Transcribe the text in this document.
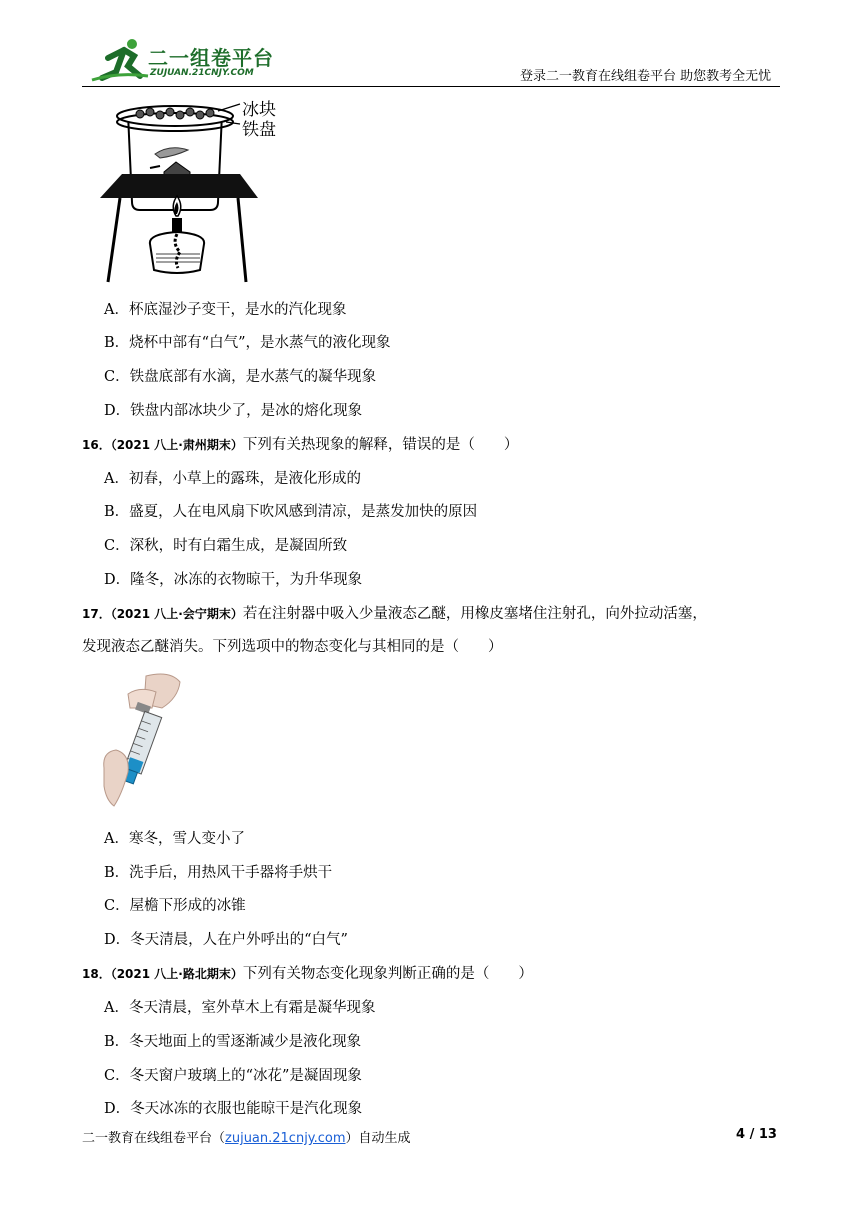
二一组卷平台
ZUJUAN.21CNJY.COM	登录二一教育在线组卷平台 助您教考全无忧
冰块
铁盘
A．杯底湿沙子变干，是水的汽化现象
B．烧杯中部有“白气”，是水蒸气的液化现象
C．铁盘底部有水滴，是水蒸气的凝华现象
D．铁盘内部冰块少了，是冰的熔化现象
16．（2021 八上·肃州期末）下列有关热现象的解释，错误的是（　　）
A．初春，小草上的露珠，是液化形成的
B．盛夏，人在电风扇下吹风感到清凉，是蒸发加快的原因
C．深秋，时有白霜生成，是凝固所致
D．隆冬，冰冻的衣物晾干，为升华现象
17．（2021 八上·会宁期末）若在注射器中吸入少量液态乙醚，用橡皮塞堵住注射孔，向外拉动活塞，
发现液态乙醚消失。下列选项中的物态变化与其相同的是（　　）
A．寒冬，雪人变小了
B．洗手后，用热风干手器将手烘干
C．屋檐下形成的冰锥
D．冬天清晨，人在户外呼出的“白气”
18．（2021 八上·路北期末）下列有关物态变化现象判断正确的是（　　）
A．冬天清晨，室外草木上有霜是凝华现象
B．冬天地面上的雪逐渐减少是液化现象
C．冬天窗户玻璃上的“冰花”是凝固现象
D．冬天冰冻的衣服也能晾干是汽化现象
二一教育在线组卷平台（zujuan.21cnjy.com）自动生成	4 / 13
